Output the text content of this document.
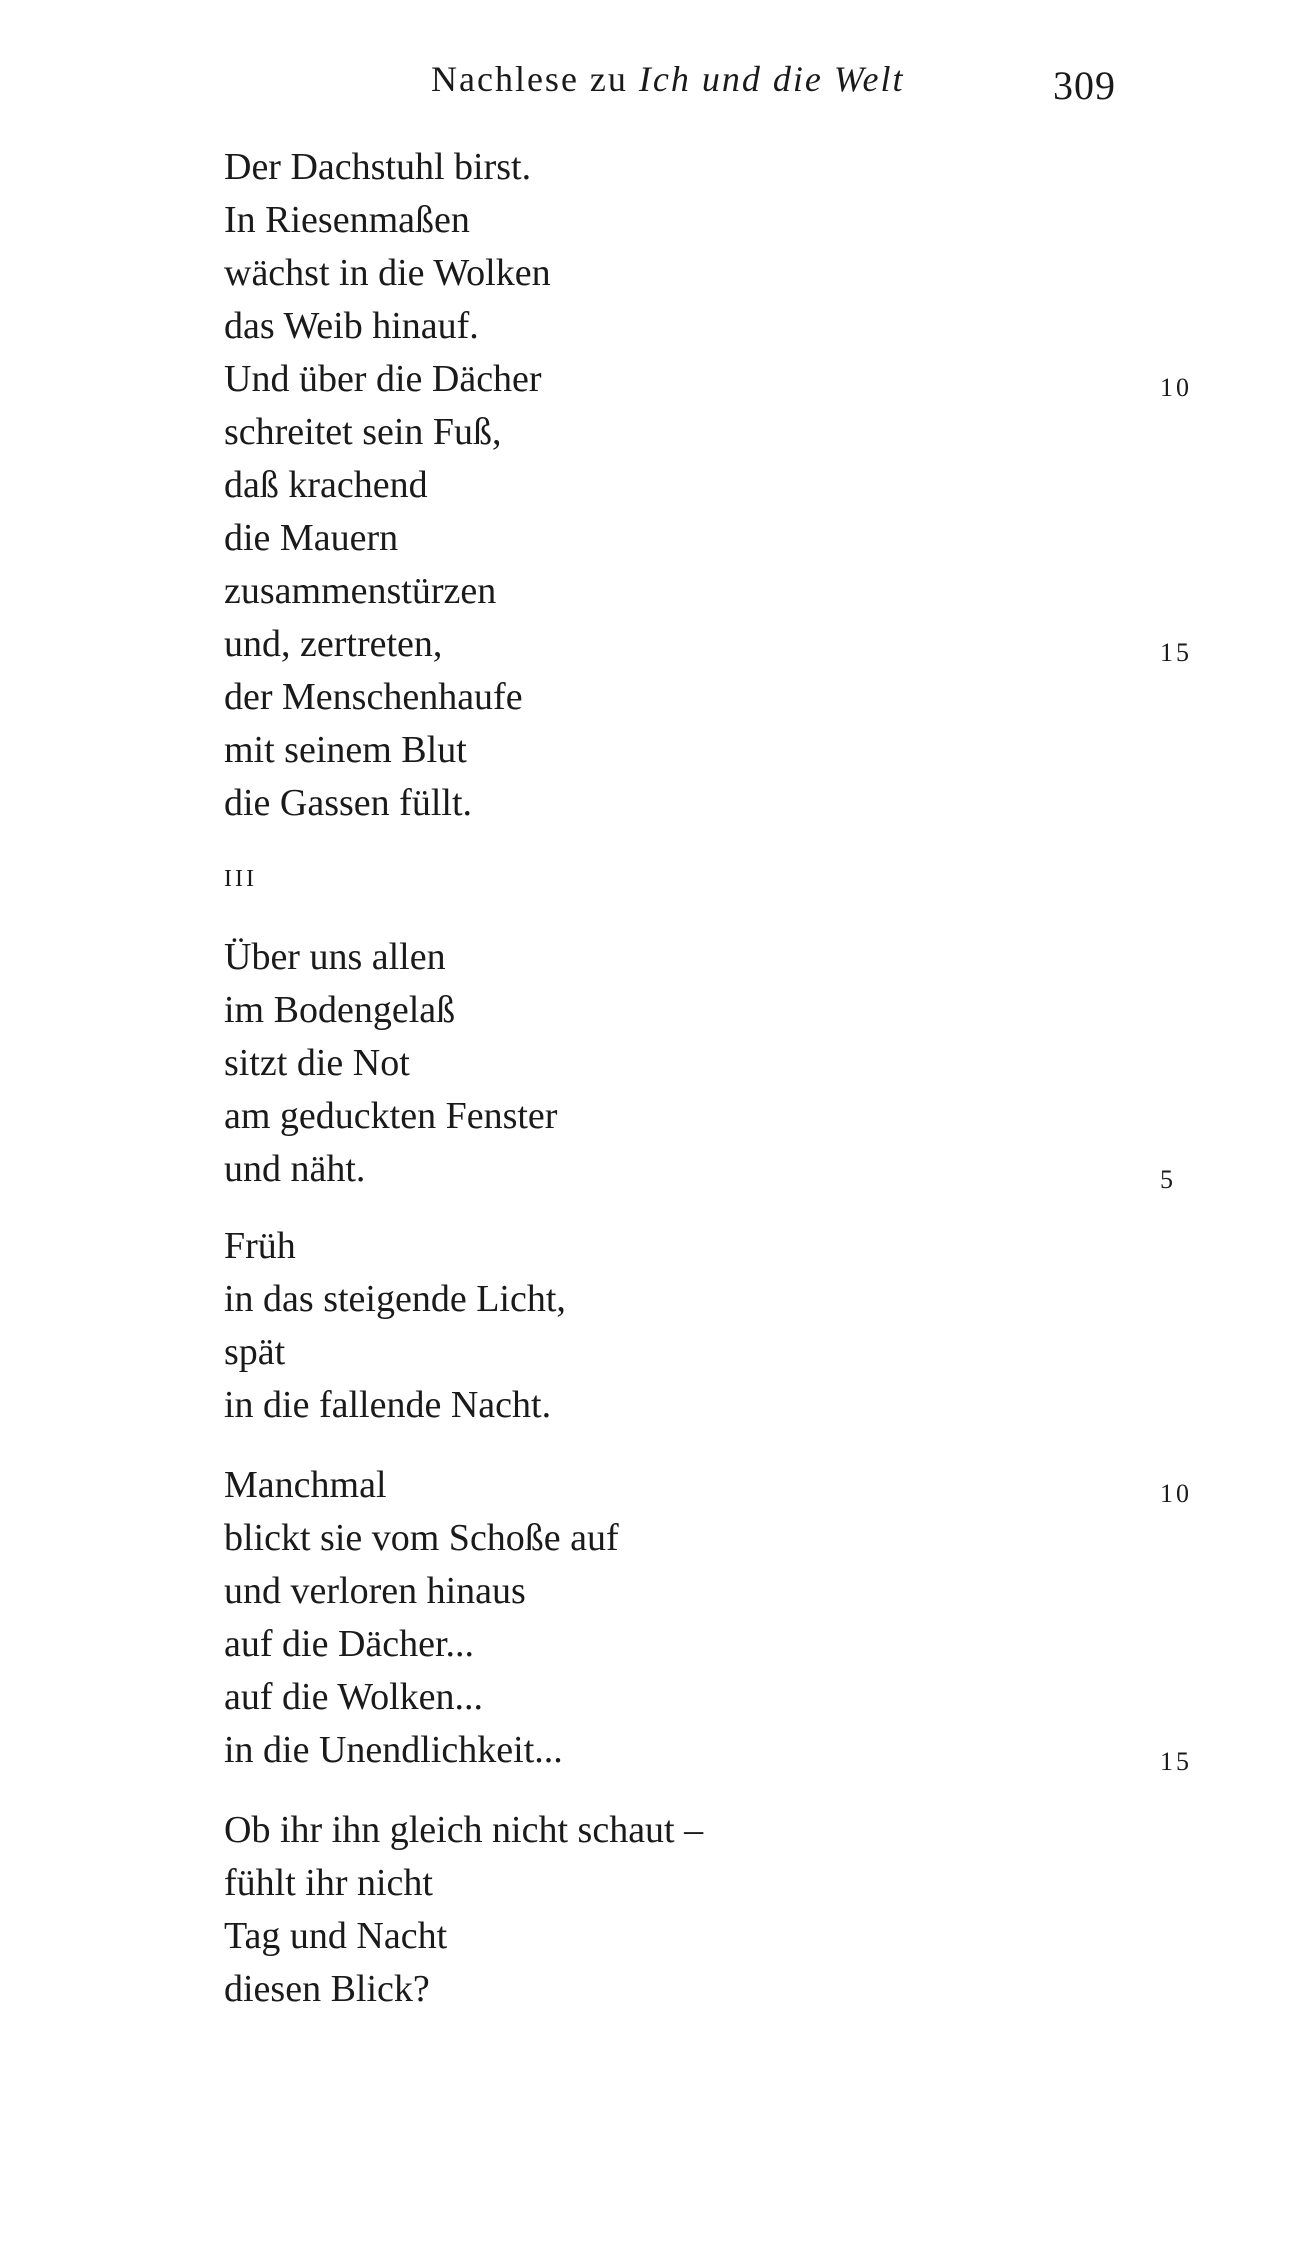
Nachlese zu Ich und die Welt	309
Der Dachstuhl birst.
In Riesenmaßen
wächst in die Wolken
das Weib hinauf.
Und über die Dächer
schreitet sein Fuß,
daß krachend
die Mauern
zusammenstürzen
und, zertreten,
der Menschenhaufe
mit seinem Blut
die Gassen füllt.
10
15
III
Über uns allen
im Bodengelaß
sitzt die Not
am geduckten Fenster
und näht.	5
Früh
in das steigende Licht,
spät
in die fallende Nacht.
Manchmal
blickt sie vom Schoße auf
und verloren hinaus
auf die Dächer...
auf die Wolken...
in die Unendlichkeit...
10
15
Ob ihr ihn gleich nicht schaut –
fühlt ihr nicht
Tag und Nacht
diesen Blick?
